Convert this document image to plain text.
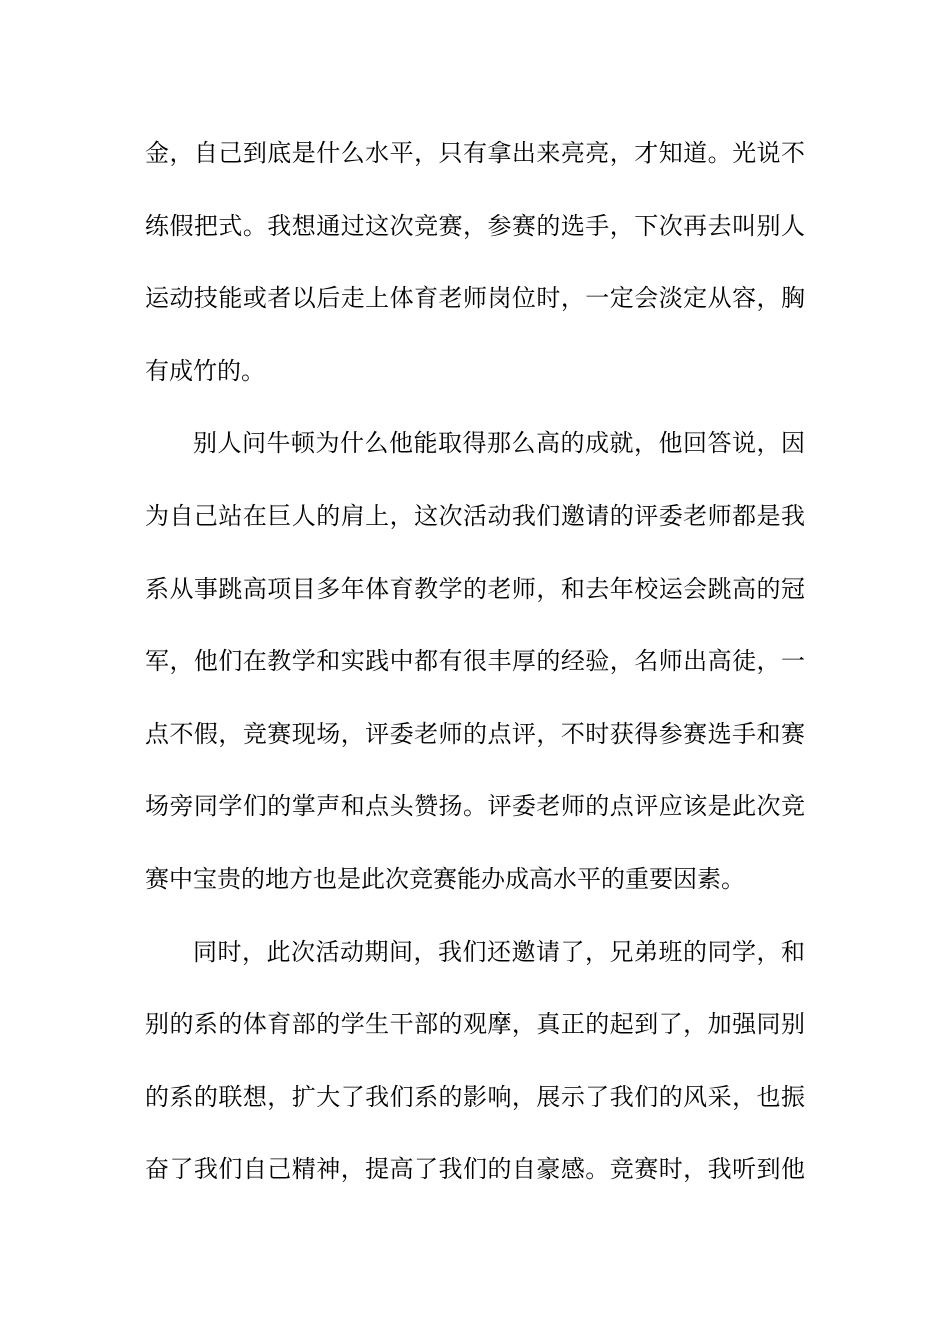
金，自己到底是什么水平，只有拿出来亮亮，才知道。光说不
练假把式。我想通过这次竞赛，参赛的选手，下次再去叫别人
运动技能或者以后走上体育老师岗位时，一定会淡定从容，胸
有成竹的。
别人问牛顿为什么他能取得那么高的成就，他回答说，因
为自己站在巨人的肩上，这次活动我们邀请的评委老师都是我
系从事跳高项目多年体育教学的老师，和去年校运会跳高的冠
军，他们在教学和实践中都有很丰厚的经验，名师出高徒，一
点不假，竞赛现场，评委老师的点评，不时获得参赛选手和赛
场旁同学们的掌声和点头赞扬。评委老师的点评应该是此次竞
赛中宝贵的地方也是此次竞赛能办成高水平的重要因素。
同时，此次活动期间，我们还邀请了，兄弟班的同学，和
别的系的体育部的学生干部的观摩，真正的起到了，加强同别
的系的联想，扩大了我们系的影响，展示了我们的风采，也振
奋了我们自己精神，提高了我们的自豪感。竞赛时，我听到他
